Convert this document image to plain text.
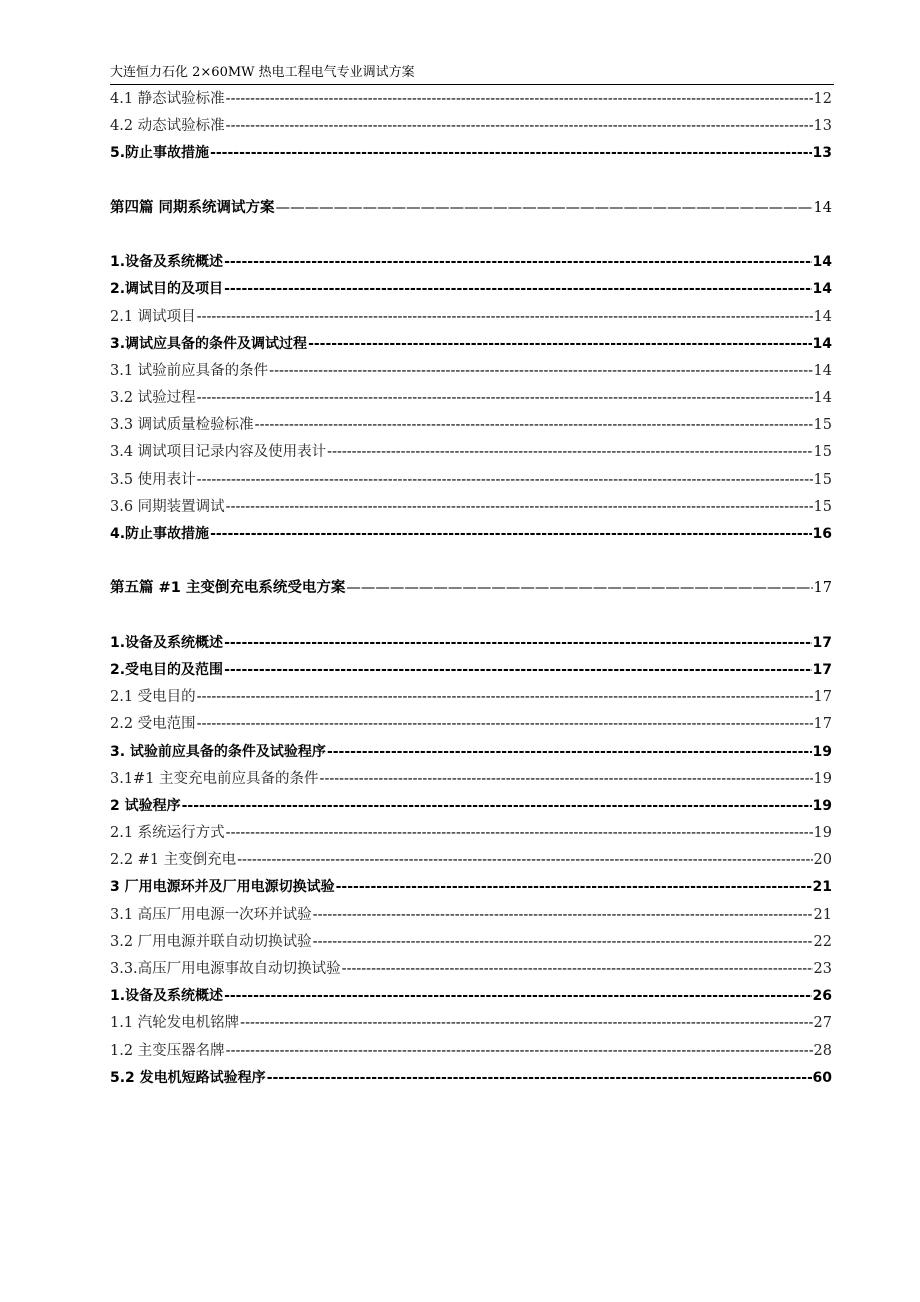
大连恒力石化 2×60MW 热电工程电气专业调试方案
4.1 静态试验标准 -----	12
4.2 动态试验标准 -----	13
5.防止事故措施 -----	13
第四篇 同期系统调试方案 —————	14
1.设备及系统概述 -----	14
2.调试目的及项目 -----	14
2.1 调试项目 -----	14
3.调试应具备的条件及调试过程 -----	14
3.1 试验前应具备的条件 -----	14
3.2 试验过程 -----	14
3.3 调试质量检验标准 -----	15
3.4 调试项目记录内容及使用表计 -----	15
3.5 使用表计 -----	15
3.6 同期装置调试 -----	15
4.防止事故措施 -----	16
第五篇 #1 主变倒充电系统受电方案 —————	17
1.设备及系统概述 -----	17
2.受电目的及范围 -----	17
2.1 受电目的 -----	17
2.2 受电范围 -----	17
3. 试验前应具备的条件及试验程序 -----	19
3.1#1 主变充电前应具备的条件 -----	19
2 试验程序 -----	19
2.1 系统运行方式 -----	19
2.2 #1 主变倒充电 -----	20
3 厂用电源环并及厂用电源切换试验 -----	21
3.1 高压厂用电源一次环并试验 -----	21
3.2 厂用电源并联自动切换试验 -----	22
3.3.高压厂用电源事故自动切换试验 -----	23
1.设备及系统概述 -----	26
1.1 汽轮发电机铭牌 -----	27
1.2 主变压器名牌 -----	28
5.2 发电机短路试验程序 -----	60
